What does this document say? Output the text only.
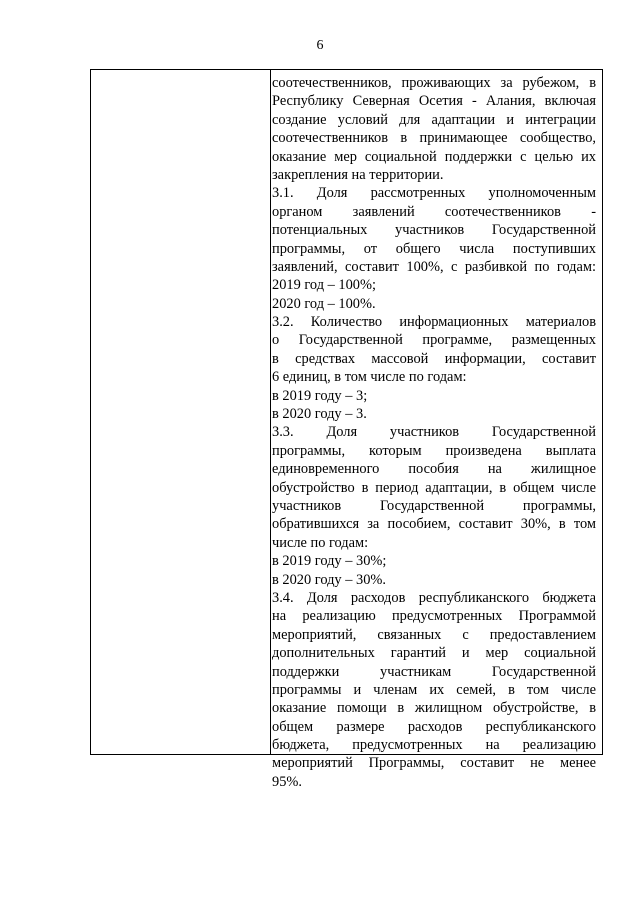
6
соотечественников, проживающих за рубежом, в
Республику Северная Осетия - Алания, включая
создание условий для адаптации и интеграции
соотечественников в принимающее сообщество,
оказание мер социальной поддержки с целью их
закрепления на территории.
3.1. Доля рассмотренных уполномоченным
органом заявлений соотечественников -
потенциальных участников Государственной
программы, от общего числа поступивших
заявлений, составит 100%, с разбивкой по годам:
2019 год – 100%;
2020 год – 100%.
3.2. Количество информационных материалов
о Государственной программе, размещенных
в средствах массовой информации, составит
6 единиц, в том числе по годам:
в 2019 году – 3;
в 2020 году – 3.
3.3. Доля участников Государственной
программы, которым произведена выплата
единовременного пособия на жилищное
обустройство в период адаптации, в общем числе
участников Государственной программы,
обратившихся за пособием, составит 30%, в том
числе по годам:
в 2019 году – 30%;
в 2020 году – 30%.
3.4. Доля расходов республиканского бюджета
на реализацию предусмотренных Программой
мероприятий, связанных с предоставлением
дополнительных гарантий и мер социальной
поддержки участникам Государственной
программы и членам их семей, в том числе
оказание помощи в жилищном обустройстве, в
общем размере расходов республиканского
бюджета, предусмотренных на реализацию
мероприятий Программы, составит не менее
95%.
